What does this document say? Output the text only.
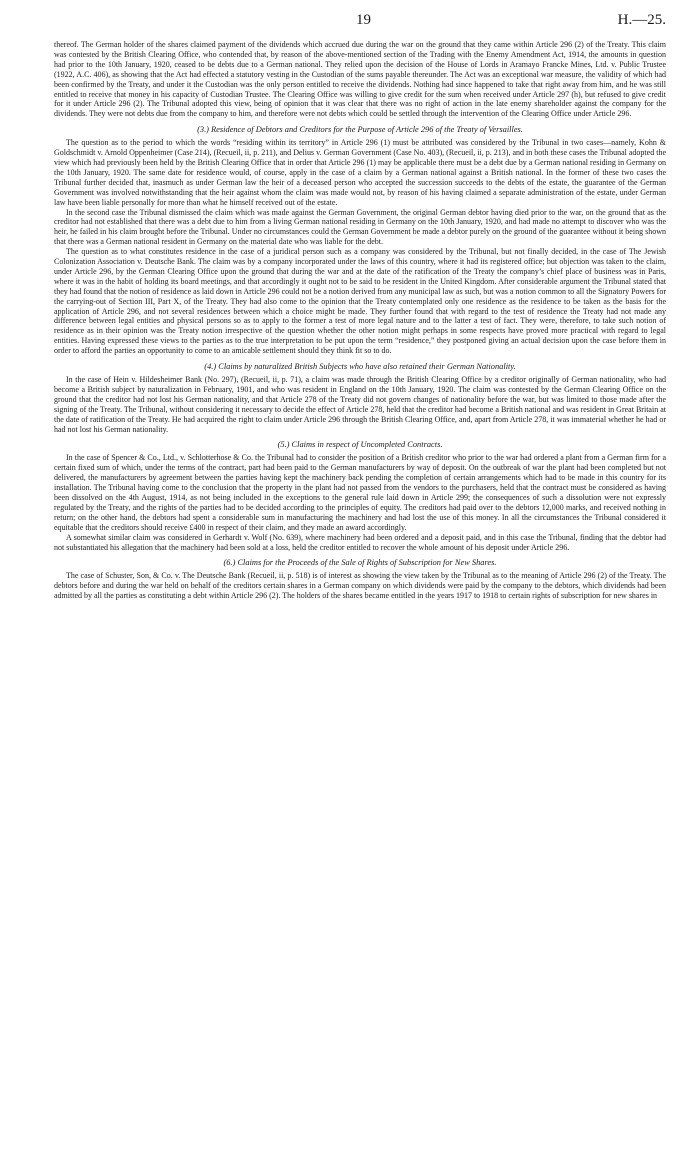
19	H.—25.

thereof. The German holder of the shares claimed payment of the dividends which accrued due during the war on the ground that they came within Article 296 (2) of the Treaty. This claim was contested by the British Clearing Office, who contended that, by reason of the above-mentioned section of the Trading with the Enemy Amendment Act, 1914, the amounts in question had prior to the 10th January, 1920, ceased to be debts due to a German national. They relied upon the decision of the House of Lords in Aramayo Francke Mines, Ltd. v. Public Trustee (1922, A.C. 406), as showing that the Act had effected a statutory vesting in the Custodian of the sums payable thereunder. The Act was an exceptional war measure, the validity of which had been confirmed by the Treaty, and under it the Custodian was the only person entitled to receive the dividends. Nothing had since happened to take that right away from him, and he was still entitled to receive that money in his capacity of Custodian Trustee. The Clearing Office was willing to give credit for the sum when received under Article 297 (h), but refused to give credit for it under Article 296 (2). The Tribunal adopted this view, being of opinion that it was clear that there was no right of action in the late enemy shareholder against the company for the dividends. They were not debts due from the company to him, and therefore were not debts which could be settled through the intervention of the Clearing Office under Article 296.

(3.) Residence of Debtors and Creditors for the Purpose of Article 296 of the Treaty of Versailles.

The question as to the period to which the words “residing within its territory” in Article 296 (1) must be attributed was considered by the Tribunal in two cases—namely, Kohn & Goldschmidt v. Arnold Oppenheimer (Case 214), (Recueil, ii, p. 211), and Delius v. German Government (Case No. 403), (Recueil, ii, p. 213), and in both these cases the Tribunal adopted the view which had previously been held by the British Clearing Office that in order that Article 296 (1) may be applicable there must be a debt due by a German national residing in Germany on the 10th January, 1920. The same date for residence would, of course, apply in the case of a claim by a German national against a British national. In the former of these two cases the Tribunal further decided that, inasmuch as under German law the heir of a deceased person who accepted the succession succeeds to the debts of the estate, the guarantee of the German Government was involved notwithstanding that the heir against whom the claim was made would not, by reason of his having claimed a separate administration of the estate, under German law have been liable personally for more than what he himself received out of the estate.

In the second case the Tribunal dismissed the claim which was made against the German Government, the original German debtor having died prior to the war, on the ground that as the creditor had not established that there was a debt due to him from a living German national residing in Germany on the 10th January, 1920, and had made no attempt to discover who was the heir, he failed in his claim brought before the Tribunal. Under no circumstances could the German Government be made a debtor purely on the ground of the guarantee without it being shown that there was a German national resident in Germany on the material date who was liable for the debt.

The question as to what constitutes residence in the case of a juridical person such as a company was considered by the Tribunal, but not finally decided, in the case of The Jewish Colonization Association v. Deutsche Bank. The claim was by a company incorporated under the laws of this country, where it had its registered office; but objection was taken to the claim, under Article 296, by the German Clearing Office upon the ground that during the war and at the date of the ratification of the Treaty the company’s chief place of business was in Paris, where it was in the habit of holding its board meetings, and that accordingly it ought not to be said to be resident in the United Kingdom. After considerable argument the Tribunal stated that they had found that the notion of residence as laid down in Article 296 could not be a notion derived from any municipal law as such, but was a notion common to all the Signatory Powers for the carrying-out of Section III, Part X, of the Treaty. They had also come to the opinion that the Treaty contemplated only one residence as the residence to be taken as the basis for the application of Article 296, and not several residences between which a choice might be made. They further found that with regard to the test of residence the Treaty had not made any difference between legal entities and physical persons so as to apply to the former a test of more legal nature and to the latter a test of fact. They were, therefore, to take such notion of residence as in their opinion was the Treaty notion irrespective of the question whether the other notion might perhaps in some respects have proved more practical with regard to legal entities. Having expressed these views to the parties as to the true interpretation to be put upon the term “residence,” they postponed giving an actual decision upon the case before them in order to afford the parties an opportunity to come to an amicable settlement should they think fit so to do.

(4.) Claims by naturalized British Subjects who have also retained their German Nationality.

In the case of Hein v. Hildesheimer Bank (No. 297), (Recueil, ii, p. 71), a claim was made through the British Clearing Office by a creditor originally of German nationality, who had become a British subject by naturalization in February, 1901, and who was resident in England on the 10th January, 1920. The claim was contested by the German Clearing Office on the ground that the creditor had not lost his German nationality, and that Article 278 of the Treaty did not govern changes of nationality before the war, but was limited to those made after the signing of the Treaty. The Tribunal, without considering it necessary to decide the effect of Article 278, held that the creditor had become a British national and was resident in Great Britain at the date of ratification of the Treaty. He had acquired the right to claim under Article 296 through the British Clearing Office, and, apart from Article 278, it was immaterial whether he had or had not lost his German nationality.

(5.) Claims in respect of Uncompleted Contracts.

In the case of Spencer & Co., Ltd., v. Schlotterhose & Co. the Tribunal had to consider the position of a British creditor who prior to the war had ordered a plant from a German firm for a certain fixed sum of which, under the terms of the contract, part had been paid to the German manufacturers by way of deposit. On the outbreak of war the plant had been completed but not delivered, the manufacturers by agreement between the parties having kept the machinery back pending the completion of certain arrangements which had to be made in this country for its installation. The Tribunal having come to the conclusion that the property in the plant had not passed from the vendors to the purchasers, held that the contract must be considered as having been dissolved on the 4th August, 1914, as not being included in the exceptions to the general rule laid down in Article 299; the consequences of such a dissolution were not expressly regulated by the Treaty, and the rights of the parties had to be decided according to the principles of equity. The creditors had paid over to the debtors 12,000 marks, and received nothing in return; on the other hand, the debtors had spent a considerable sum in manufacturing the machinery and had lost the use of this money. In all the circumstances the Tribunal considered it equitable that the creditors should receive £400 in respect of their claim, and they made an award accordingly.

A somewhat similar claim was considered in Gerhardt v. Wolf (No. 639), where machinery had been ordered and a deposit paid, and in this case the Tribunal, finding that the debtor had not substantiated his allegation that the machinery had been sold at a loss, held the creditor entitled to recover the whole amount of his deposit under Article 296.

(6.) Claims for the Proceeds of the Sale of Rights of Subscription for New Shares.

The case of Schuster, Son, & Co. v. The Deutsche Bank (Recueil, ii, p. 518) is of interest as showing the view taken by the Tribunal as to the meaning of Article 296 (2) of the Treaty. The debtors before and during the war held on behalf of the creditors certain shares in a German company on which dividends were paid by the company to the debtors, which dividends had been admitted by all the parties as constituting a debt within Article 296 (2). The holders of the shares became entitled in the years 1917 to 1918 to certain rights of subscription for new shares in
